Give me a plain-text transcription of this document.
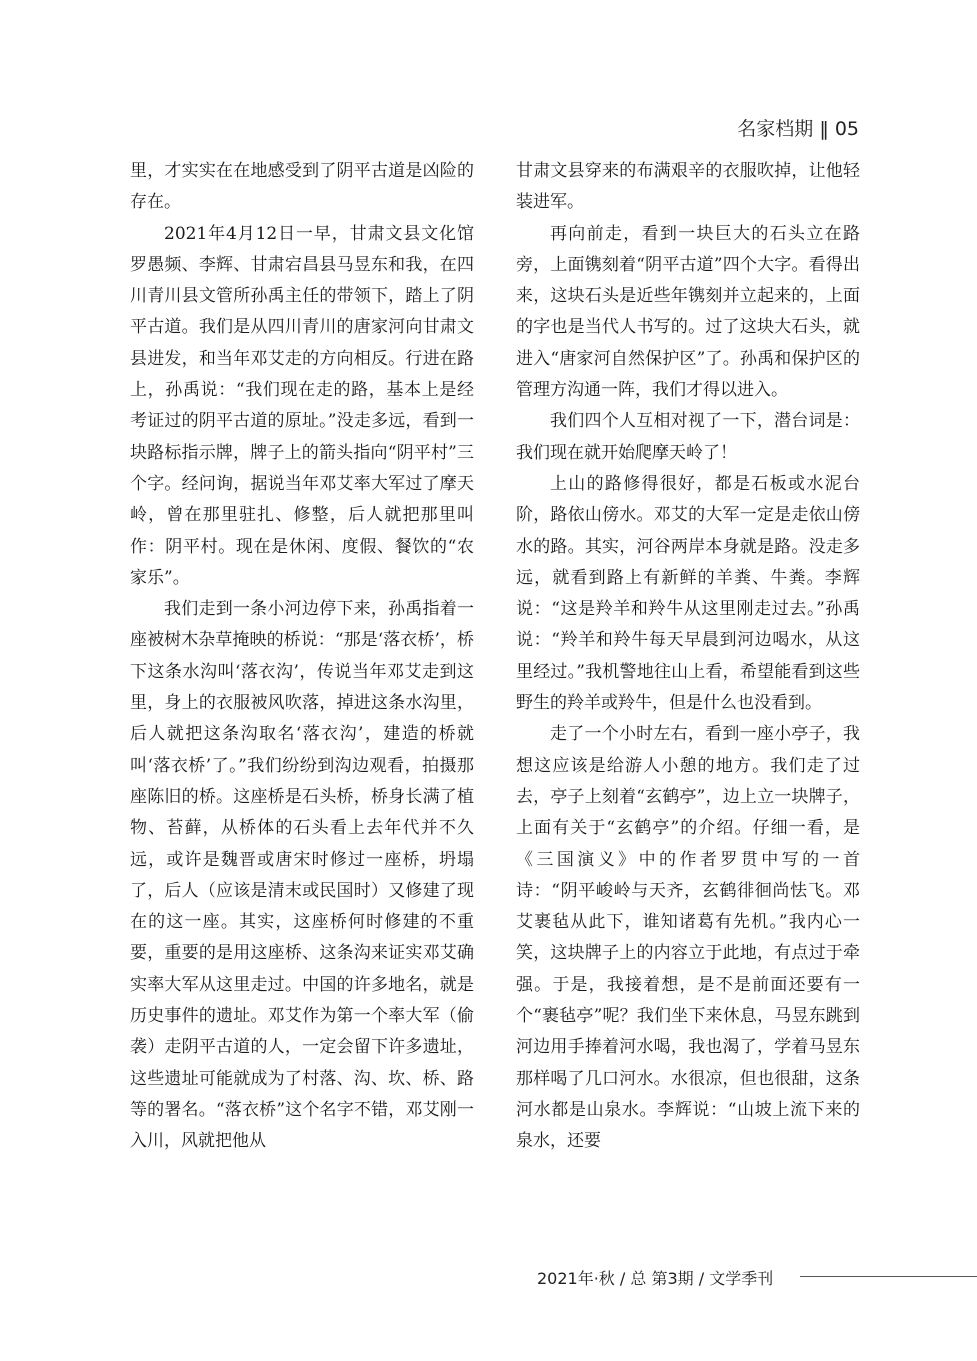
名家档期 ‖ 05

里，才实实在在地感受到了阴平古道是凶险的存在。

2021年4月12日一早，甘肃文县文化馆罗愚频、李辉、甘肃宕昌县马昱东和我，在四川青川县文管所孙禹主任的带领下，踏上了阴平古道。我们是从四川青川的唐家河向甘肃文县进发，和当年邓艾走的方向相反。行进在路上，孙禹说：“我们现在走的路，基本上是经考证过的阴平古道的原址。”没走多远，看到一块路标指示牌，牌子上的箭头指向“阴平村”三个字。经问询，据说当年邓艾率大军过了摩天岭，曾在那里驻扎、修整，后人就把那里叫作：阴平村。现在是休闲、度假、餐饮的“农家乐”。

我们走到一条小河边停下来，孙禹指着一座被树木杂草掩映的桥说：“那是‘落衣桥’，桥下这条水沟叫‘落衣沟’，传说当年邓艾走到这里，身上的衣服被风吹落，掉进这条水沟里，后人就把这条沟取名‘落衣沟’，建造的桥就叫‘落衣桥’了。”我们纷纷到沟边观看，拍摄那座陈旧的桥。这座桥是石头桥，桥身长满了植物、苔藓，从桥体的石头看上去年代并不久远，或许是魏晋或唐宋时修过一座桥，坍塌了，后人（应该是清末或民国时）又修建了现在的这一座。其实，这座桥何时修建的不重要，重要的是用这座桥、这条沟来证实邓艾确实率大军从这里走过。中国的许多地名，就是历史事件的遗址。邓艾作为第一个率大军（偷袭）走阴平古道的人，一定会留下许多遗址，这些遗址可能就成为了村落、沟、坎、桥、路等的署名。“落衣桥”这个名字不错，邓艾刚一入川，风就把他从

甘肃文县穿来的布满艰辛的衣服吹掉，让他轻装进军。

再向前走，看到一块巨大的石头立在路旁，上面镌刻着“阴平古道”四个大字。看得出来，这块石头是近些年镌刻并立起来的，上面的字也是当代人书写的。过了这块大石头，就进入“唐家河自然保护区”了。孙禹和保护区的管理方沟通一阵，我们才得以进入。

我们四个人互相对视了一下，潜台词是：我们现在就开始爬摩天岭了！

上山的路修得很好，都是石板或水泥台阶，路依山傍水。邓艾的大军一定是走依山傍水的路。其实，河谷两岸本身就是路。没走多远，就看到路上有新鲜的羊粪、牛粪。李辉说：“这是羚羊和羚牛从这里刚走过去。”孙禹说：“羚羊和羚牛每天早晨到河边喝水，从这里经过。”我机警地往山上看，希望能看到这些野生的羚羊或羚牛，但是什么也没看到。

走了一个小时左右，看到一座小亭子，我想这应该是给游人小憩的地方。我们走了过去，亭子上刻着“玄鹤亭”，边上立一块牌子，上面有关于“玄鹤亭”的介绍。仔细一看，是《三国演义》中的作者罗贯中写的一首诗：“阴平峻岭与天齐，玄鹤徘徊尚怯飞。邓艾裹毡从此下，谁知诸葛有先机。”我内心一笑，这块牌子上的内容立于此地，有点过于牵强。于是，我接着想，是不是前面还要有一个“裹毡亭”呢？我们坐下来休息，马昱东跳到河边用手捧着河水喝，我也渴了，学着马昱东那样喝了几口河水。水很凉，但也很甜，这条河水都是山泉水。李辉说：“山坡上流下来的泉水，还要

2021年·秋 / 总 第3期 / 文学季刊
